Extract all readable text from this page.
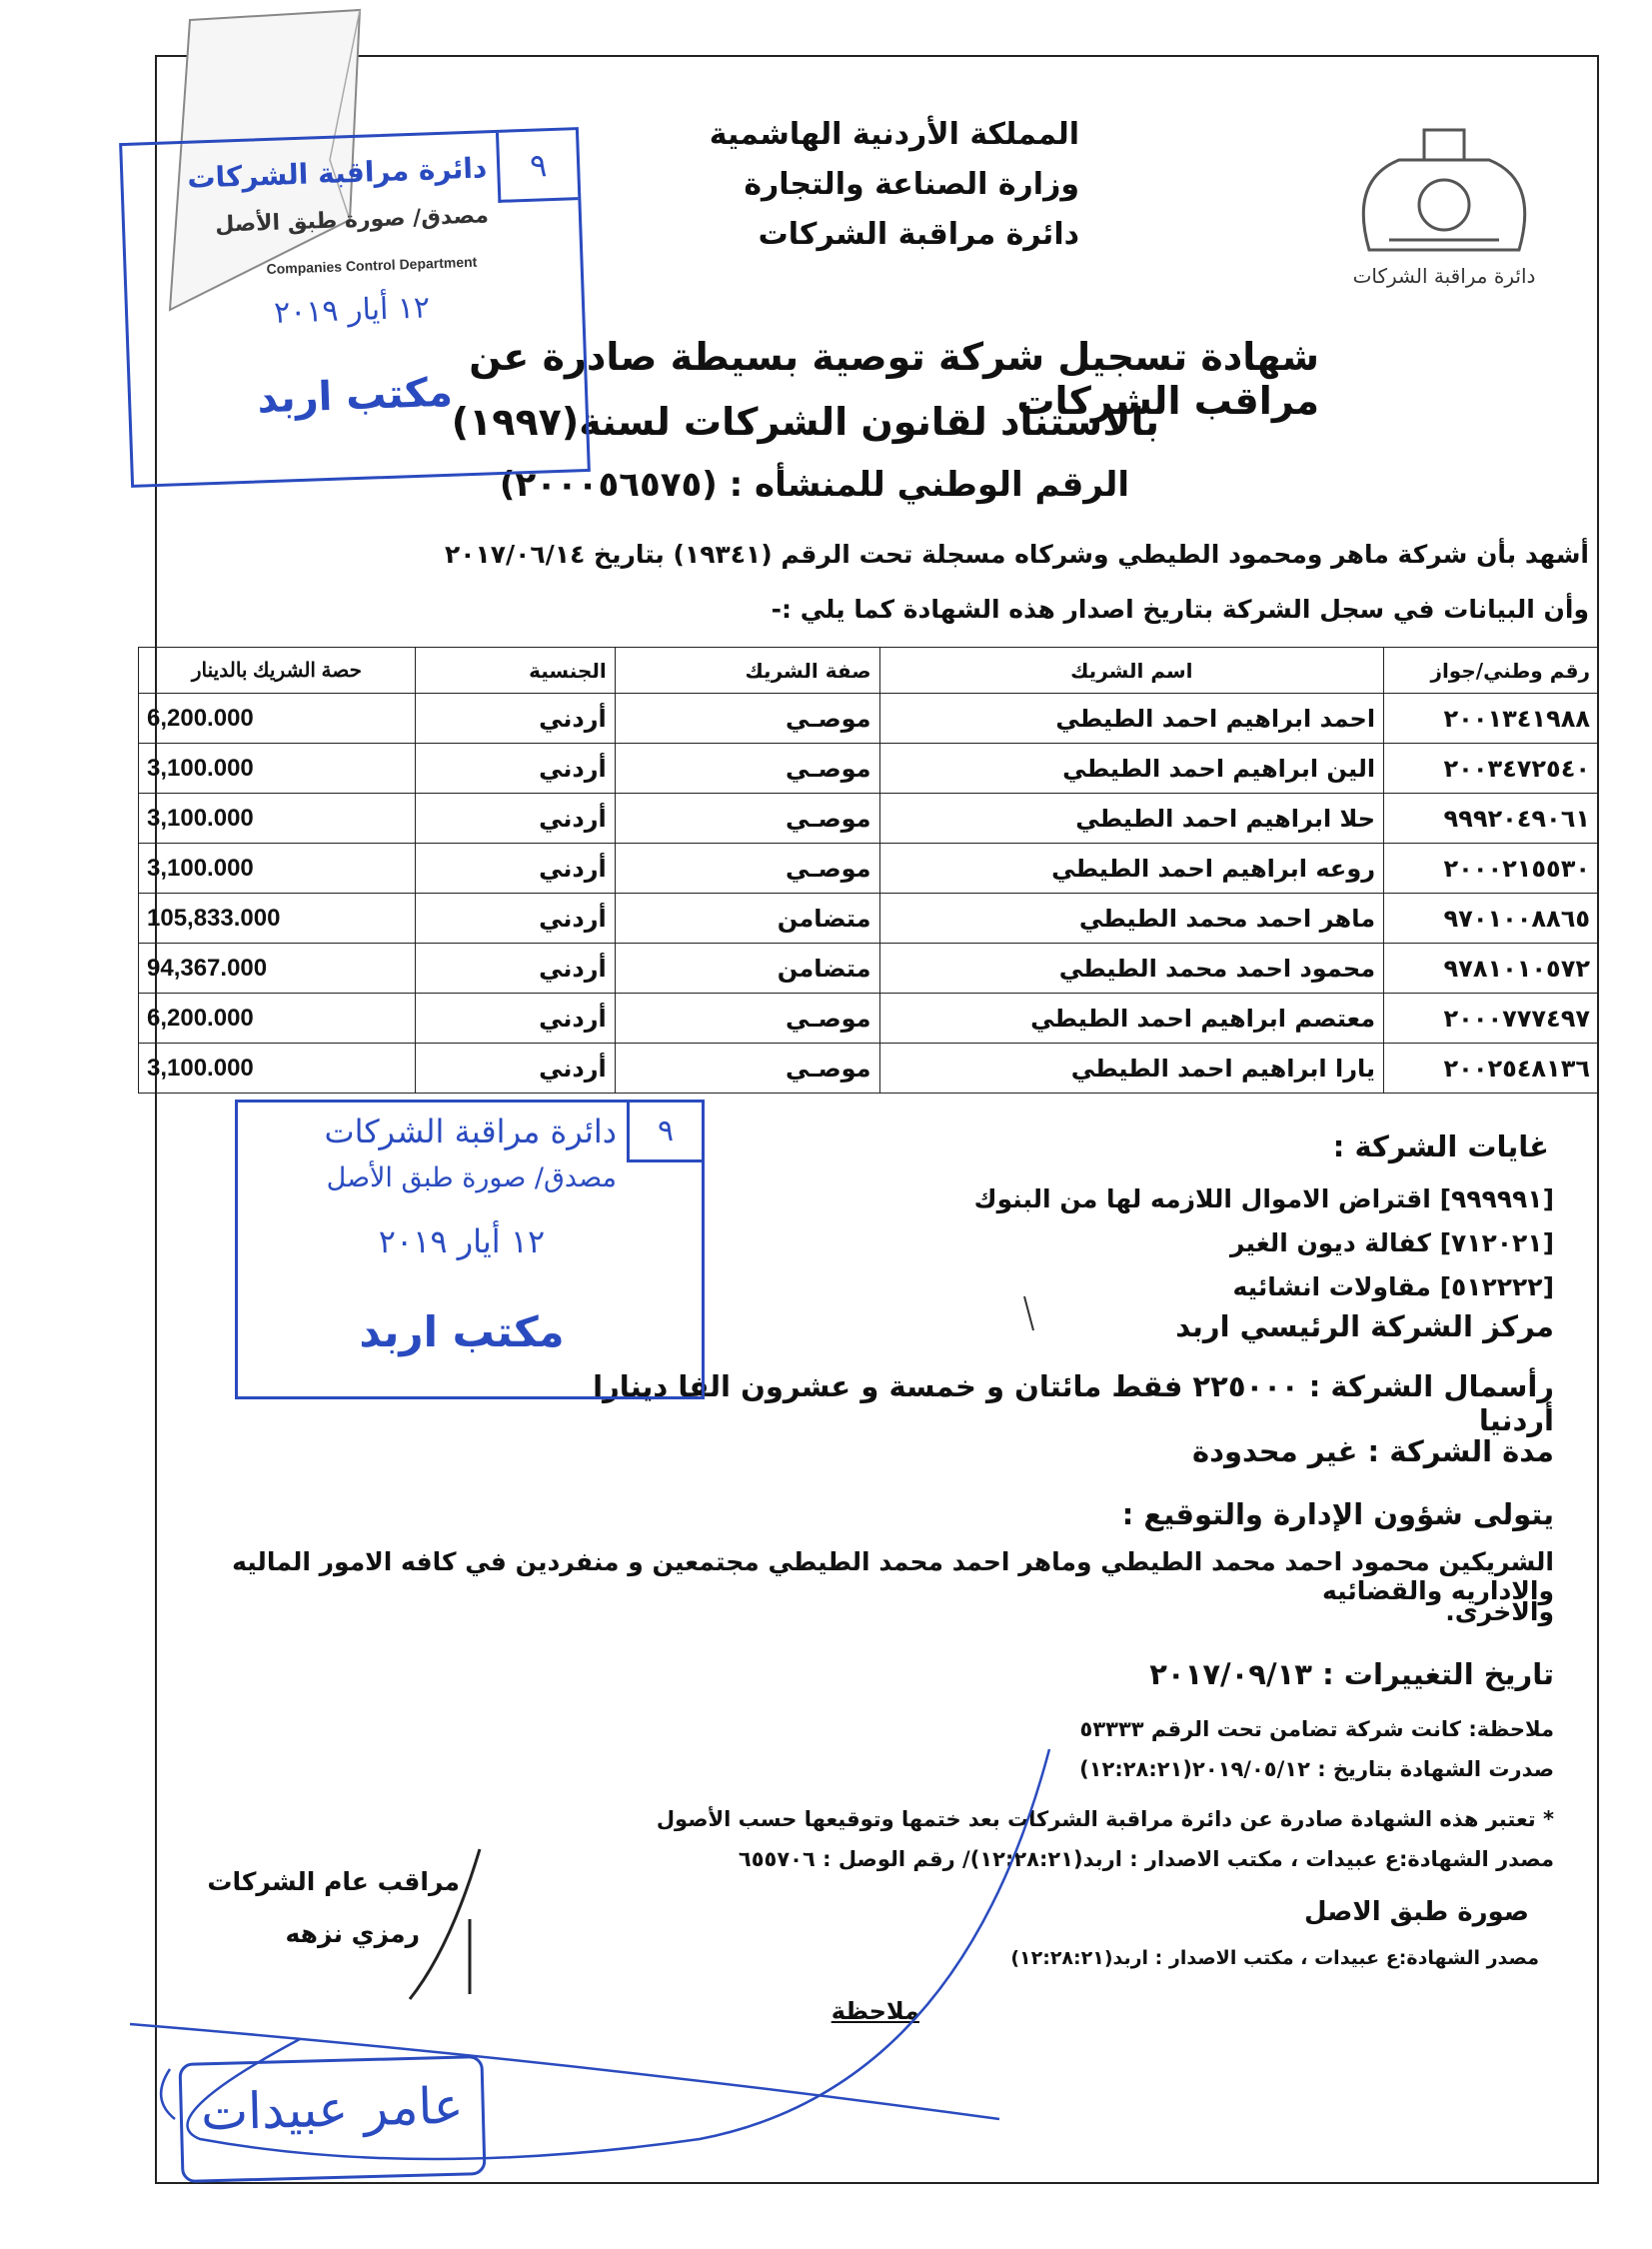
دائرة مراقبة الشركات
المملكة الأردنية الهاشمية
وزارة الصناعة والتجارة
دائرة مراقبة الشركات
شهادة تسجيل شركة توصية بسيطة صادرة عن مراقب الشركات
بالاستناد لقانون الشركات لسنة(١٩٩٧)
الرقم الوطني للمنشأه : (٢٠٠٠٥٦٥٧٥)
أشهد بأن شركة ماهر ومحمود الطيطي وشركاه مسجلة تحت الرقم (١٩٣٤١) بتاريخ ٢٠١٧/٠٦/١٤
وأن البيانات في سجل الشركة بتاريخ اصدار هذه الشهادة كما يلي :-
رقم وطني/جواز	اسم الشريك	صفة الشريك	الجنسية	حصة الشريك بالدينار
٢٠٠١٣٤١٩٨٨	احمد ابراهيم احمد الطيطي	موصـي	أردني	6,200.000
٢٠٠٣٤٧٢٥٤٠	الين ابراهيم احمد الطيطي	موصـي	أردني	3,100.000
٩٩٩٢٠٤٩٠٦١	حلا ابراهيم احمد الطيطي	موصـي	أردني	3,100.000
٢٠٠٠٢١٥٥٣٠	روعه ابراهيم احمد الطيطي	موصـي	أردني	3,100.000
٩٧٠١٠٠٨٨٦٥	ماهر احمد محمد الطيطي	متضامن	أردني	105,833.000
٩٧٨١٠١٠٥٧٢	محمود احمد محمد الطيطي	متضامن	أردني	94,367.000
٢٠٠٠٧٧٧٤٩٧	معتصم ابراهيم احمد الطيطي	موصـي	أردني	6,200.000
٢٠٠٢٥٤٨١٣٦	يارا ابراهيم احمد الطيطي	موصـي	أردني	3,100.000
غايات الشركة :
[٩٩٩٩٩١] اقتراض الاموال اللازمه لها من البنوك
[٧١٢٠٢١] كفالة ديون الغير
[٥١٢٢٢٢] مقاولات انشائيه
مركز الشركة الرئيسي اربد
رأسمال الشركة : ٢٢٥٠٠٠ فقط مائتان و خمسة و عشرون الفا دينارا أردنيا
مدة الشركة : غير محدودة
يتولى شؤون الإدارة والتوقيع :
الشريكين محمود احمد محمد الطيطي وماهر احمد محمد الطيطي مجتمعين و منفردين في كافه الامور الماليه والاداريه والقضائيه
والاخرى.
تاريخ التغييرات : ٢٠١٧/٠٩/١٣
ملاحظة: كانت شركة تضامن تحت الرقم ٥٣٣٣٣
صدرت الشهادة بتاريخ : ٢٠١٩/٠٥/١٢(١٢:٢٨:٢١)
* تعتبر هذه الشهادة صادرة عن دائرة مراقبة الشركات بعد ختمها وتوقيعها حسب الأصول
مصدر الشهادة:ع عبيدات ، مكتب الاصدار : اربد(١٢:٢٨:٢١)/ رقم الوصل : ٦٥٥٧٠٦
صورة طبق الاصل
مصدر الشهادة:ع عبيدات ، مكتب الاصدار : اربد(١٢:٢٨:٢١)
مراقب عام الشركات
رمزي نزهه
ملاحظة
٩
دائرة مراقبة الشركات
مصدق/ صورة طبق الأصل
Companies Control Department
١٢ أيار ٢٠١٩
مكتب اربد
٩
دائرة مراقبة الشركات
مصدق/ صورة طبق الأصل
١٢ أيار ٢٠١٩
مكتب اربد
عامر عبيدات
